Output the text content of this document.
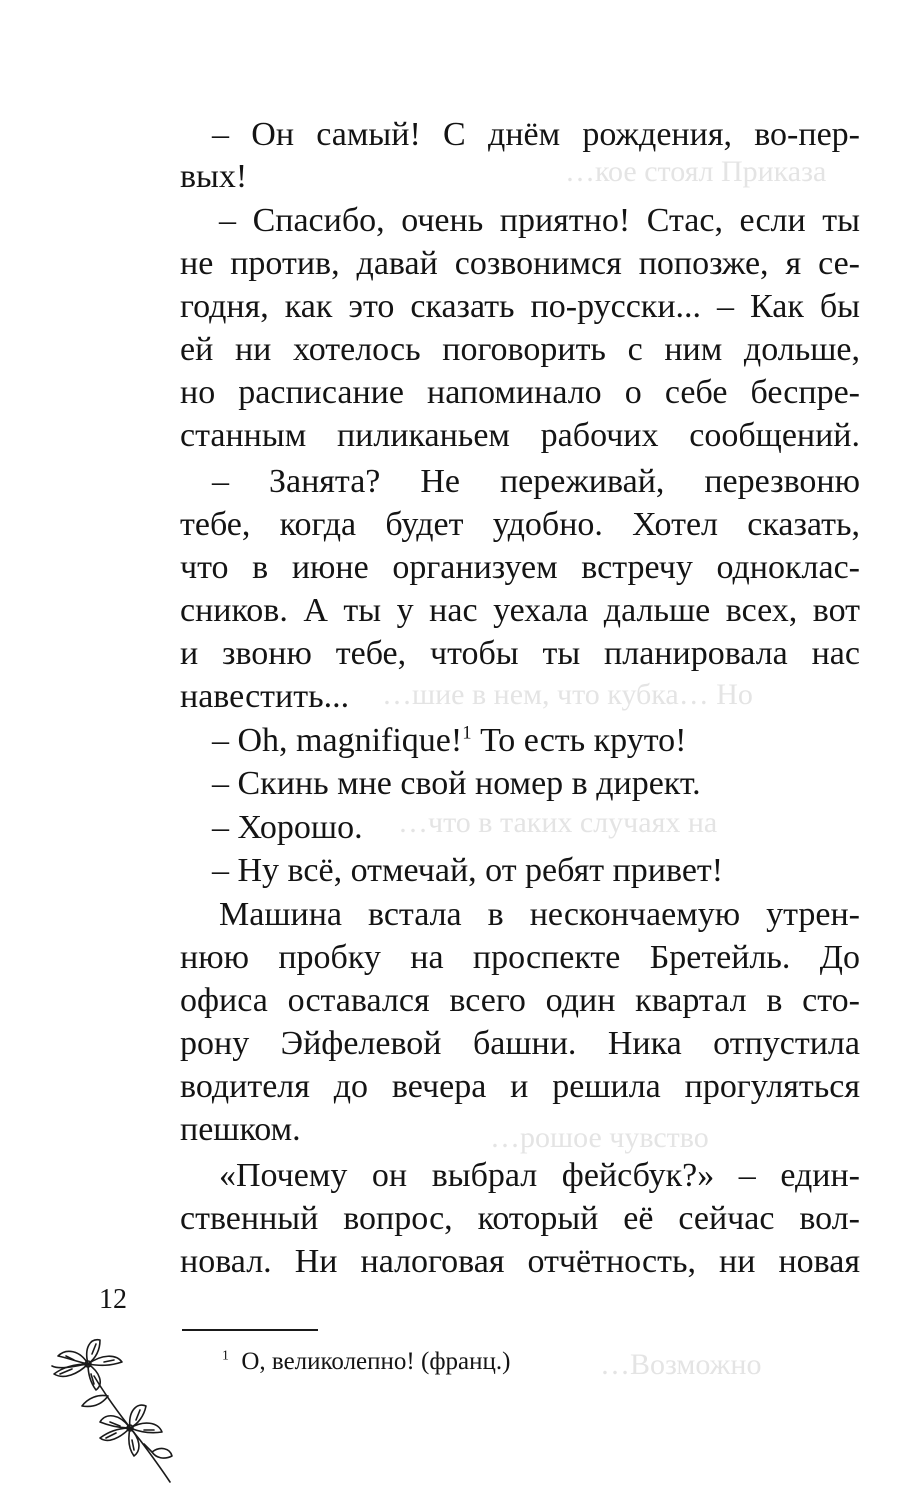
…кое стоял Приказа
…шие в нем, что кубка… Но
…что в таких случаях на
…рошое чувство
…Возможно
– Он самый! С днём рождения, во-пер-
вых!
– Спасибо, очень приятно! Стас, если ты
не против, давай созвонимся попозже, я се-
годня, как это сказать по-русски... – Как бы
ей ни хотелось поговорить с ним дольше,
но расписание напоминало о себе беспре-
станным пиликаньем рабочих сообщений.
– Занята? Не переживай, перезвоню
тебе, когда будет удобно. Хотел сказать,
что в июне организуем встречу одноклас-
сников. А ты у нас уехала дальше всех, вот
и звоню тебе, чтобы ты планировала нас
навестить...
– Oh, magnifique!$^1$ То есть круто!
– Скинь мне свой номер в директ.
– Хорошо.
– Ну всё, отмечай, от ребят привет!
Машина встала в нескончаемую утрен-
нюю пробку на проспекте Бретейль. До
офиса оставался всего один квартал в сто-
рону Эйфелевой башни. Ника отпустила
водителя до вечера и решила прогуляться
пешком.
«Почему он выбрал фейсбук?» – един-
ственный вопрос, который её сейчас вол-
новал. Ни налоговая отчётность, ни новая
12
$^1$ О, великолепно! (франц.)
